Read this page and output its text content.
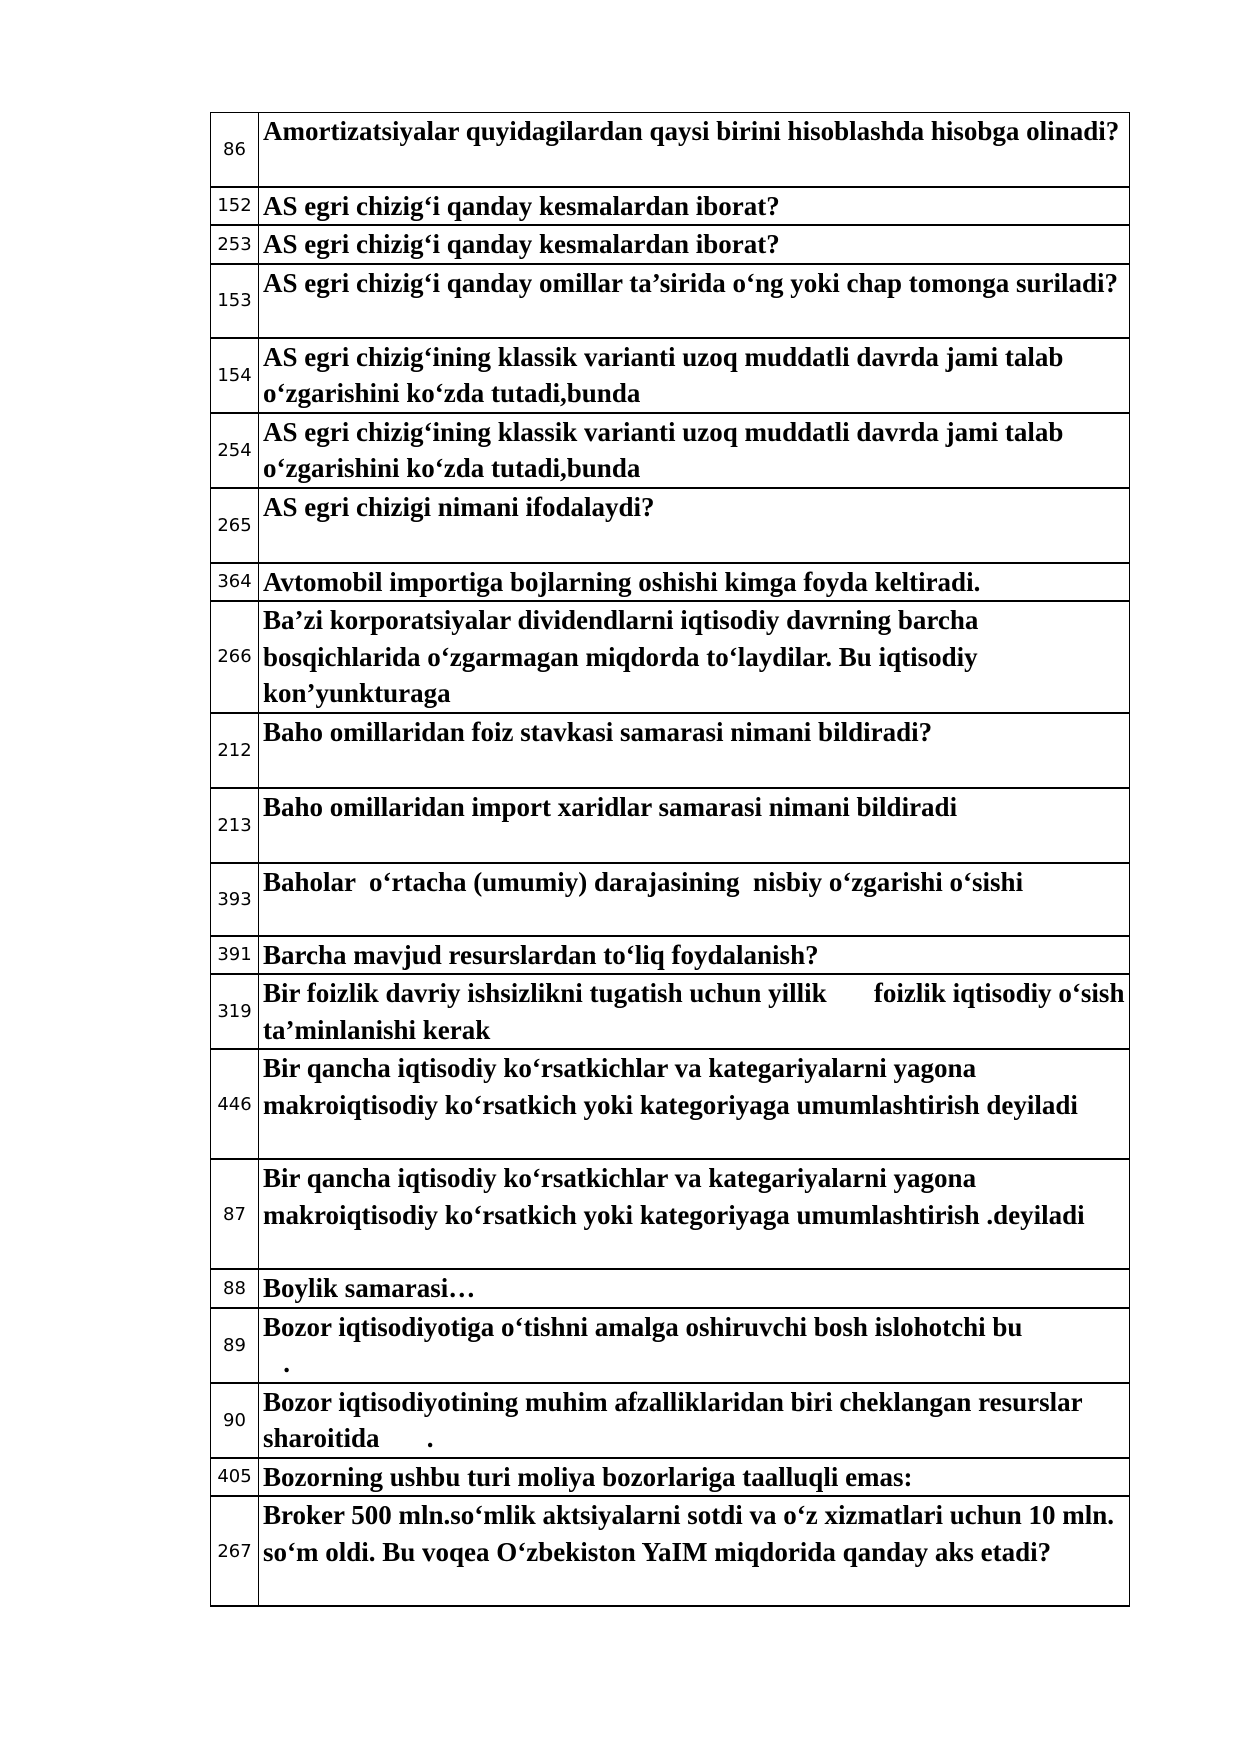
86	Amortizatsiyalar quyidagilardan qaysi birini hisoblashda hisobga olinadi?

152	AS egri chizig‘i qanday kesmalardan iborat?

253	AS egri chizig‘i qanday kesmalardan iborat?

153	AS egri chizig‘i qanday omillar ta’sirida o‘ng yoki chap tomonga suriladi?

154	AS egri chizig‘ining klassik varianti uzoq muddatli davrda jami talab o‘zgarishini ko‘zda tutadi,bunda

254	AS egri chizig‘ining klassik varianti uzoq muddatli davrda jami talab o‘zgarishini ko‘zda tutadi,bunda

265	AS egri chizigi nimani ifodalaydi?

364	Avtomobil importiga bojlarning oshishi kimga foyda keltiradi.

266	Ba’zi korporatsiyalar dividendlarni iqtisodiy davrning barcha bosqichlarida o‘zgarmagan miqdorda to‘laydilar. Bu iqtisodiy kon’yunkturaga

212	Baho omillaridan foiz stavkasi samarasi nimani bildiradi?

213	Baho omillaridan import xaridlar samarasi nimani bildiradi

393	Baholar  o‘rtacha (umumiy) darajasining  nisbiy o‘zgarishi o‘sishi

391	Barcha mavjud resurslardan to‘liq foydalanish?

319	Bir foizlik davriy ishsizlikni tugatish uchun yillik       foizlik iqtisodiy o‘sish ta’minlanishi kerak

446	Bir qancha iqtisodiy ko‘rsatkichlar va kategariyalarni yagona makroiqtisodiy ko‘rsatkich yoki kategoriyaga umumlashtirish deyiladi

87	Bir qancha iqtisodiy ko‘rsatkichlar va kategariyalarni yagona makroiqtisodiy ko‘rsatkich yoki kategoriyaga umumlashtirish .deyiladi

88	Boylik samarasi…

89	Bozor iqtisodiyotiga o‘tishni amalga oshiruvchi bosh islohotchi bu
.

90	Bozor iqtisodiyotining muhim afzalliklaridan biri cheklangan resurslar sharoitida       .

405	Bozorning ushbu turi moliya bozorlariga taalluqli emas:

267	Broker 500 mln.so‘mlik aktsiyalarni sotdi va o‘z xizmatlari uchun 10 mln. so‘m oldi. Bu voqea O‘zbekiston YaIM miqdorida qanday aks etadi?
